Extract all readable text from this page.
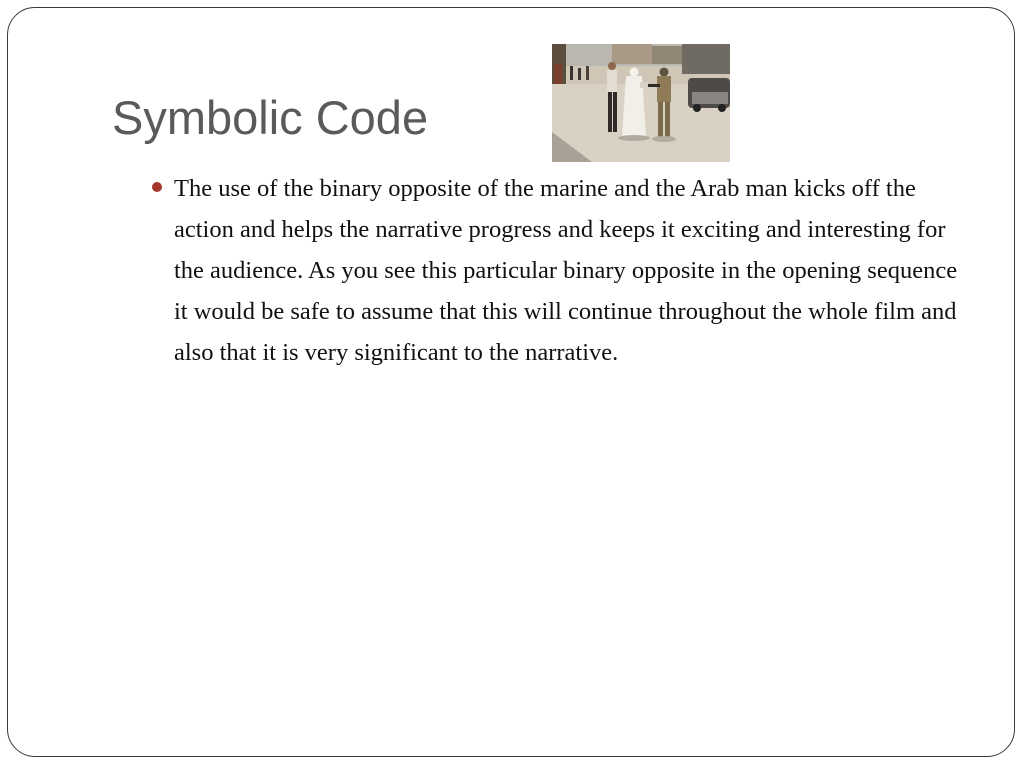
Symbolic Code
The use of the binary opposite of the marine and the Arab man kicks off the action and helps the narrative progress and keeps it exciting and interesting for the audience. As you see this particular binary opposite in the opening sequence it would be safe to assume that this will continue throughout the whole film and also that it is very significant to the narrative.
